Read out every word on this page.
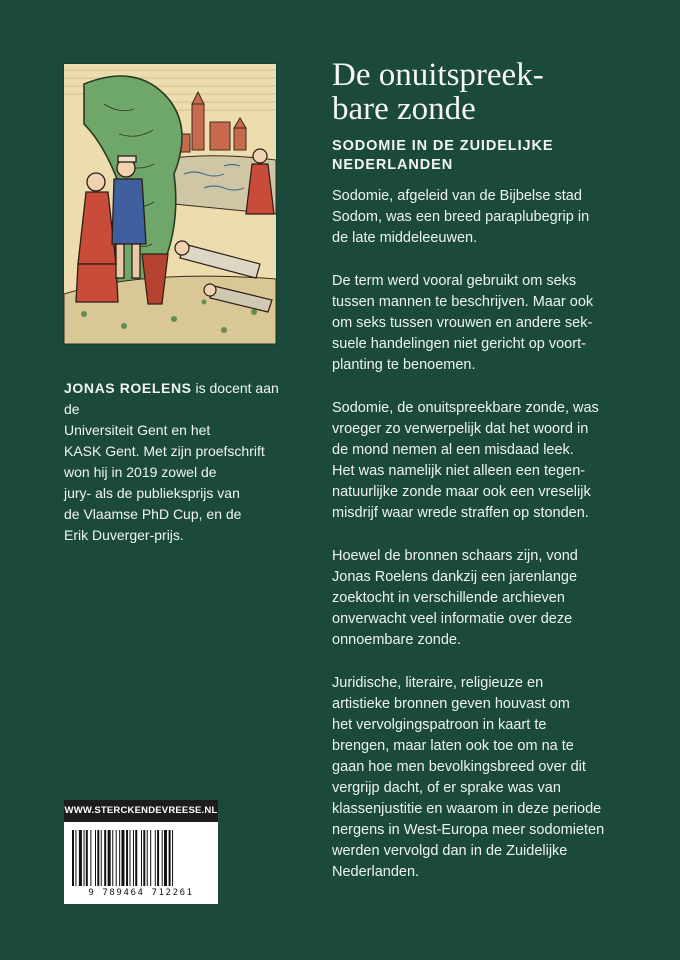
De onuitspreek-
bare zonde
SODOMIE IN DE ZUIDELIJKE
NEDERLANDEN

JONAS ROELENS is docent aan de
Universiteit Gent en het
KASK Gent. Met zijn proefschrift
won hij in 2019 zowel de
jury- als de publieksprijs van
de Vlaamse PhD Cup, en de
Erik Duverger-prijs.

Sodomie, afgeleid van de Bijbelse stad
Sodom, was een breed paraplubegrip in
de late middeleeuwen.

De term werd vooral gebruikt om seks
tussen mannen te beschrijven. Maar ook
om seks tussen vrouwen en andere sek-
suele handelingen niet gericht op voort-
planting te benoemen.

Sodomie, de onuitspreekbare zonde, was
vroeger zo verwerpelijk dat het woord in
de mond nemen al een misdaad leek.
Het was namelijk niet alleen een tegen-
natuurlijke zonde maar ook een vreselijk
misdrijf waar wrede straffen op stonden.

Hoewel de bronnen schaars zijn, vond
Jonas Roelens dankzij een jarenlange
zoektocht in verschillende archieven
onverwacht veel informatie over deze
onnoembare zonde.

Juridische, literaire, religieuze en
artistieke bronnen geven houvast om
het vervolgingspatroon in kaart te
brengen, maar laten ook toe om na te
gaan hoe men bevolkingsbreed over dit
vergrijp dacht, of er sprake was van
klassenjustitie en waarom in deze periode
nergens in West-Europa meer sodomieten
werden vervolgd dan in de Zuidelijke
Nederlanden.

WWW.STERCKENDEVREESE.NL
9 789464 712261
